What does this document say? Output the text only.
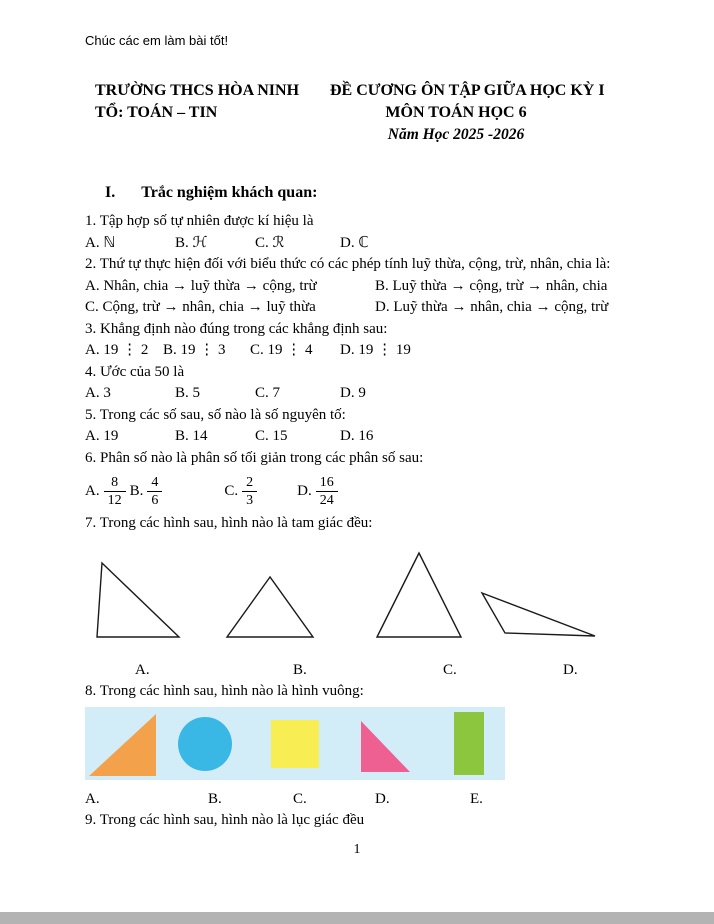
Chúc các em làm bài tốt!
TRƯỜNG THCS HÒA NINH
TỔ: TOÁN – TIN
ĐỀ CƯƠNG ÔN TẬP GIỮA HỌC KỲ I
MÔN TOÁN HỌC 6
Năm Học 2025 -2026
I. Trắc nghiệm khách quan:
1. Tập hợp số tự nhiên được kí hiệu là
A. ℕ	B. ℋ	C. ℛ	D. ℂ
2. Thứ tự thực hiện đối với biểu thức có các phép tính luỹ thừa, cộng, trừ, nhân, chia là:
A. Nhân, chia → luỹ thừa → cộng, trừ	B. Luỹ thừa → cộng, trừ → nhân, chia
C. Cộng, trừ → nhân, chia → luỹ thừa	D. Luỹ thừa → nhân, chia → cộng, trừ
3. Khẳng định nào đúng trong các khẳng định sau:
A. 19 ⋮ 2 B. 19 ⋮ 3	C. 19 ⋮ 4	D. 19 ⋮ 19
4. Ước của 50 là
A. 3	B. 5	C. 7	D. 9
5. Trong các số sau, số nào là số nguyên tố:
A. 19	B. 14	C. 15	D. 16
6. Phân số nào là phân số tối giản trong các phân số sau:
A. $\frac{8}{12} B$. $\frac{4}{6}$	C. $\frac{2}{3}$	D. $\frac{16}{24}$
7. Trong các hình sau, hình nào là tam giác đều:
A.	B.	C.	D.
8. Trong các hình sau, hình nào là hình vuông:
A.	B.	C.	D.	E.
9. Trong các hình sau, hình nào là lục giác đều
1
